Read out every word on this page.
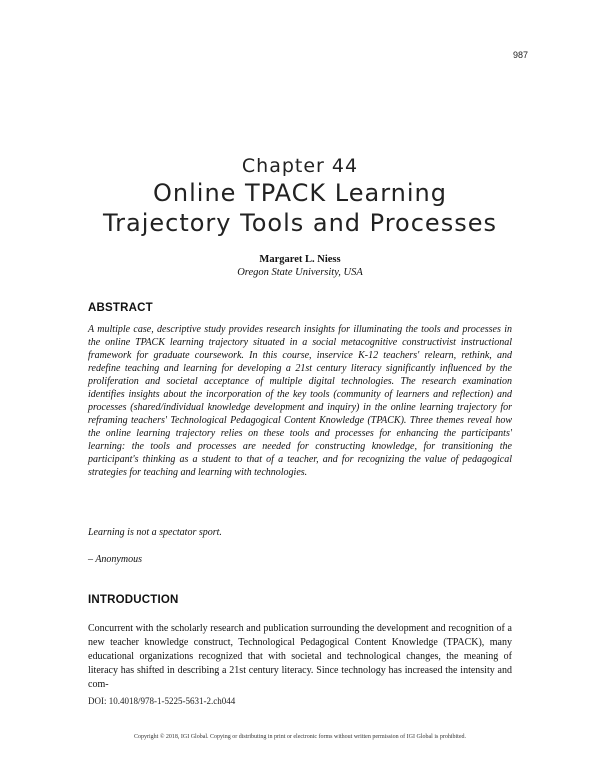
987
Chapter 44
Online TPACK Learning
Trajectory Tools and Processes
Margaret L. Niess
Oregon State University, USA
ABSTRACT

A multiple case, descriptive study provides research insights for illuminating the tools and processes in the online TPACK learning trajectory situated in a social metacognitive constructivist instructional framework for graduate coursework. In this course, inservice K-12 teachers' relearn, rethink, and redefine teaching and learning for developing a 21st century literacy significantly influenced by the proliferation and societal acceptance of multiple digital technologies. The research examination identifies insights about the incorporation of the key tools (community of learners and reflection) and processes (shared/individual knowledge development and inquiry) in the online learning trajectory for reframing teachers' Technological Pedagogical Content Knowledge (TPACK). Three themes reveal how the online learning trajectory relies on these tools and processes for enhancing the participants' learning: the tools and processes are needed for constructing knowledge, for transitioning the participant's thinking as a student to that of a teacher, and for recognizing the value of pedagogical strategies for teaching and learning with technologies.

Learning is not a spectator sport.
– Anonymous
INTRODUCTION

Concurrent with the scholarly research and publication surrounding the development and recognition of a new teacher knowledge construct, Technological Pedagogical Content Knowledge (TPACK), many educational organizations recognized that with societal and technological changes, the meaning of literacy has shifted in describing a 21st century literacy. Since technology has increased the intensity and com-

DOI: 10.4018/978-1-5225-5631-2.ch044
Copyright © 2018, IGI Global. Copying or distributing in print or electronic forms without written permission of IGI Global is prohibited.
